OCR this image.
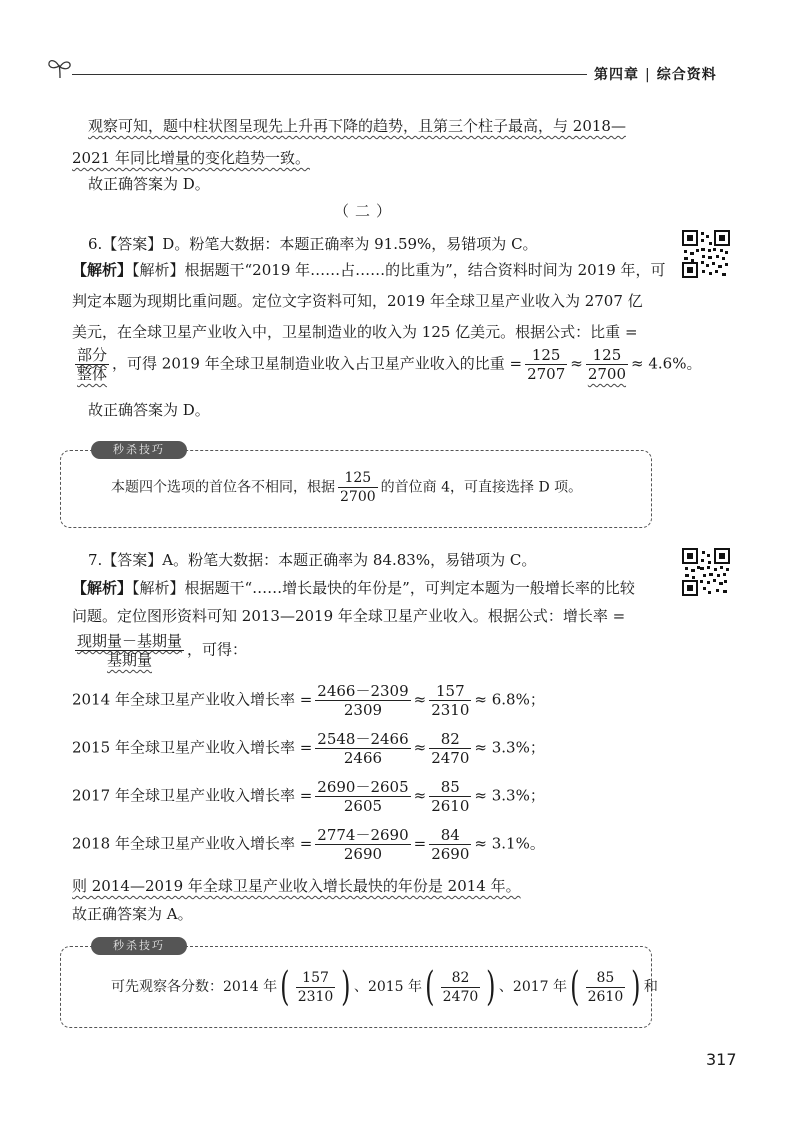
第四章 | 综合资料
观察可知，题中柱状图呈现先上升再下降的趋势，且第三个柱子最高，与 2018—
2021 年同比增量的变化趋势一致。
故正确答案为 D。
（二）
6.【答案】D。粉笔大数据：本题正确率为 91.59%，易错项为 C。
【解析】【解析】根据题干“2019 年……占……的比重为”，结合资料时间为 2019 年，可
判定本题为现期比重问题。定位文字资料可知，2019 年全球卫星产业收入为 2707 亿
美元，在全球卫星产业收入中，卫星制造业的收入为 125 亿美元。根据公式：比重 =
$\frac{\text{部分}}{\text{整体}}$ ，可得 2019 年全球卫星制造业收入占卫星产业收入的比重 = $\frac{125}{2707} \approx \frac{125}{2700} \approx 4.6\%$。
故正确答案为 D。
秒杀技巧
本题四个选项的首位各不相同，根据 $\frac{125}{2700}$ 的首位商 4，可直接选择 D 项。
7.【答案】A。粉笔大数据：本题正确率为 84.83%，易错项为 C。
【解析】【解析】根据题干“……增长最快的年份是”，可判定本题为一般增长率的比较
问题。定位图形资料可知 2013—2019 年全球卫星产业收入。根据公式：增长率 =
$\frac{\text{现期量－基期量}}{\text{基期量}}$ ，可得：
2014 年全球卫星产业收入增长率 = $\frac{2466-2309}{2309} \approx \frac{157}{2310} \approx 6.8\%$；
2015 年全球卫星产业收入增长率 = $\frac{2548-2466}{2466} \approx \frac{82}{2470} \approx 3.3\%$；
2017 年全球卫星产业收入增长率 = $\frac{2690-2605}{2605} \approx \frac{85}{2610} \approx 3.3\%$；
2018 年全球卫星产业收入增长率 = $\frac{2774-2690}{2690} = \frac{84}{2690} \approx 3.1\%$。
则 2014—2019 年全球卫星产业收入增长最快的年份是 2014 年。
故正确答案为 A。
秒杀技巧
可先观察各分数：2014 年( $\frac{157}{2310}$ ) 、2015 年( $\frac{82}{2470}$ ) 、2017 年( $\frac{85}{2610}$ ) 和
317
